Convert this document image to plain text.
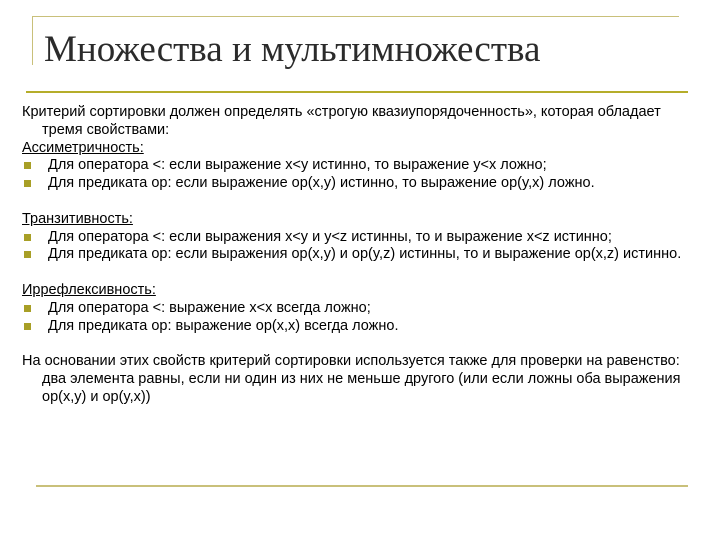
Множества и мультимножества

Критерий сортировки должен определять «строгую квазиупорядоченность», которая обладает тремя свойствами:

Ассиметричность:

Для оператора <: если выражение x<y истинно, то выражение y<x ложно;
Для предиката op: если выражение op(x,y) истинно, то выражение op(y,x) ложно.

Транзитивность:

Для оператора <: если выражения x<y и y<z истинны, то и выражение x<z истинно;
Для предиката op: если выражения op(x,y) и op(y,z) истинны, то и выражение op(x,z) истинно.

Иррефлексивность:

Для оператора <: выражение x<x всегда ложно;
Для предиката op: выражение op(x,x) всегда ложно.

На основании этих свойств критерий сортировки используется также для проверки на равенство: два элемента равны, если ни один из них не меньше другого (или если ложны оба выражения op(x,y) и op(y,x))
